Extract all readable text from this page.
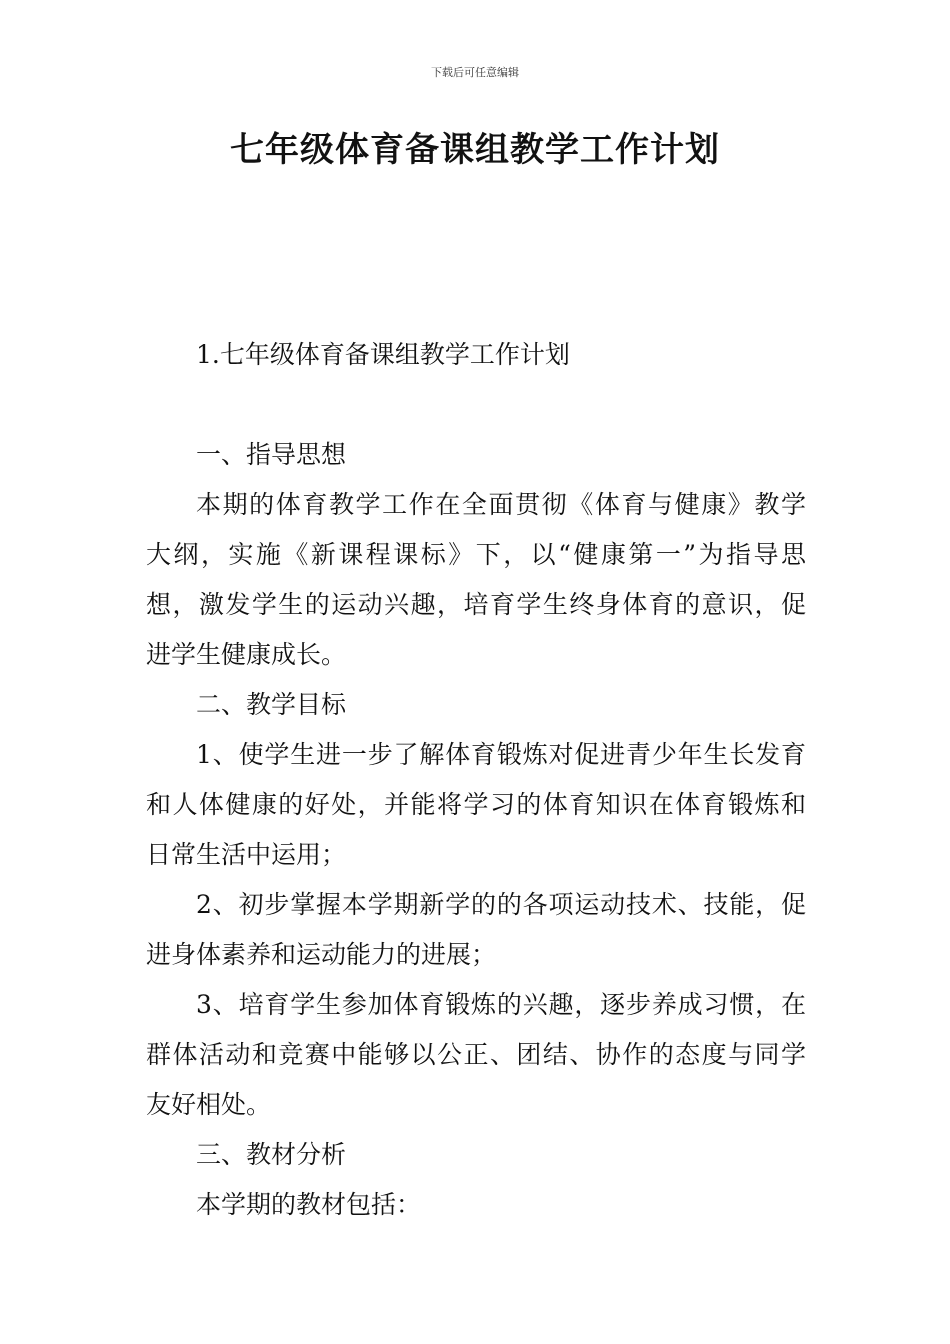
下载后可任意编辑
七年级体育备课组教学工作计划
1.七年级体育备课组教学工作计划
一、指导思想
本期的体育教学工作在全面贯彻《体育与健康》教学
大纲，实施《新课程课标》下，以“健康第一”为指导思
想，激发学生的运动兴趣，培育学生终身体育的意识，促
进学生健康成长。
二、教学目标
1、使学生进一步了解体育锻炼对促进青少年生长发育
和人体健康的好处，并能将学习的体育知识在体育锻炼和
日常生活中运用；
2、初步掌握本学期新学的的各项运动技术、技能，促
进身体素养和运动能力的进展；
3、培育学生参加体育锻炼的兴趣，逐步养成习惯，在
群体活动和竞赛中能够以公正、团结、协作的态度与同学
友好相处。
三、教材分析
本学期的教材包括：
